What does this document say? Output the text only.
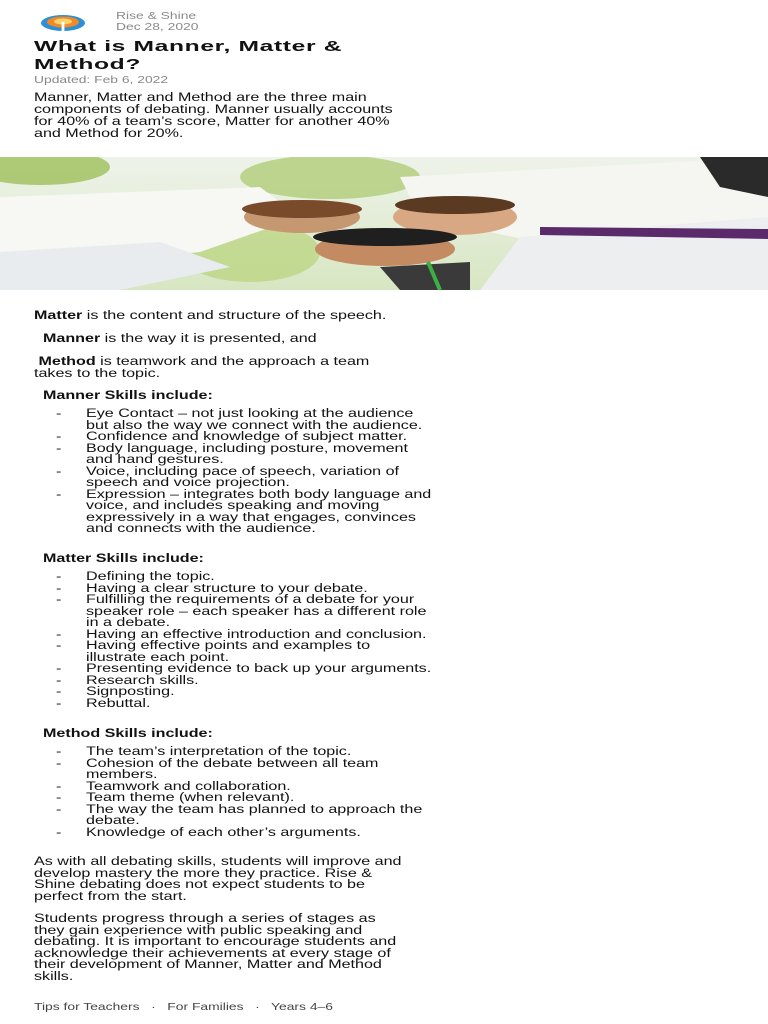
Rise & Shine
Dec 28, 2020
What is Manner, Matter &
Method?
Updated: Feb 6, 2022
Manner, Matter and Method are the three main
components of debating. Manner usually accounts
for 40% of a team’s score, Matter for another 40%
and Method for 20%.
Matter is the content and structure of the speech.
Manner is the way it is presented, and
Method is teamwork and the approach a team
takes to the topic.
Manner Skills include:
- Eye Contact – not just looking at the audience
but also the way we connect with the audience.
- Confidence and knowledge of subject matter.
- Body language, including posture, movement
and hand gestures.
- Voice, including pace of speech, variation of
speech and voice projection.
- Expression – integrates both body language and
voice, and includes speaking and moving
expressively in a way that engages, convinces
and connects with the audience.
Matter Skills include:
- Defining the topic.
- Having a clear structure to your debate.
- Fulfilling the requirements of a debate for your
speaker role – each speaker has a different role
in a debate.
- Having an effective introduction and conclusion.
- Having effective points and examples to
illustrate each point.
- Presenting evidence to back up your arguments.
- Research skills.
- Signposting.
- Rebuttal.
Method Skills include:
- The team’s interpretation of the topic.
- Cohesion of the debate between all team
members.
- Teamwork and collaboration.
- Team theme (when relevant).
- The way the team has planned to approach the
debate.
- Knowledge of each other’s arguments.
As with all debating skills, students will improve and
develop mastery the more they practice. Rise &
Shine debating does not expect students to be
perfect from the start.
Students progress through a series of stages as
they gain experience with public speaking and
debating. It is important to encourage students and
acknowledge their achievements at every stage of
their development of Manner, Matter and Method
skills.
Tips for Teachers · For Families · Years 4–6
